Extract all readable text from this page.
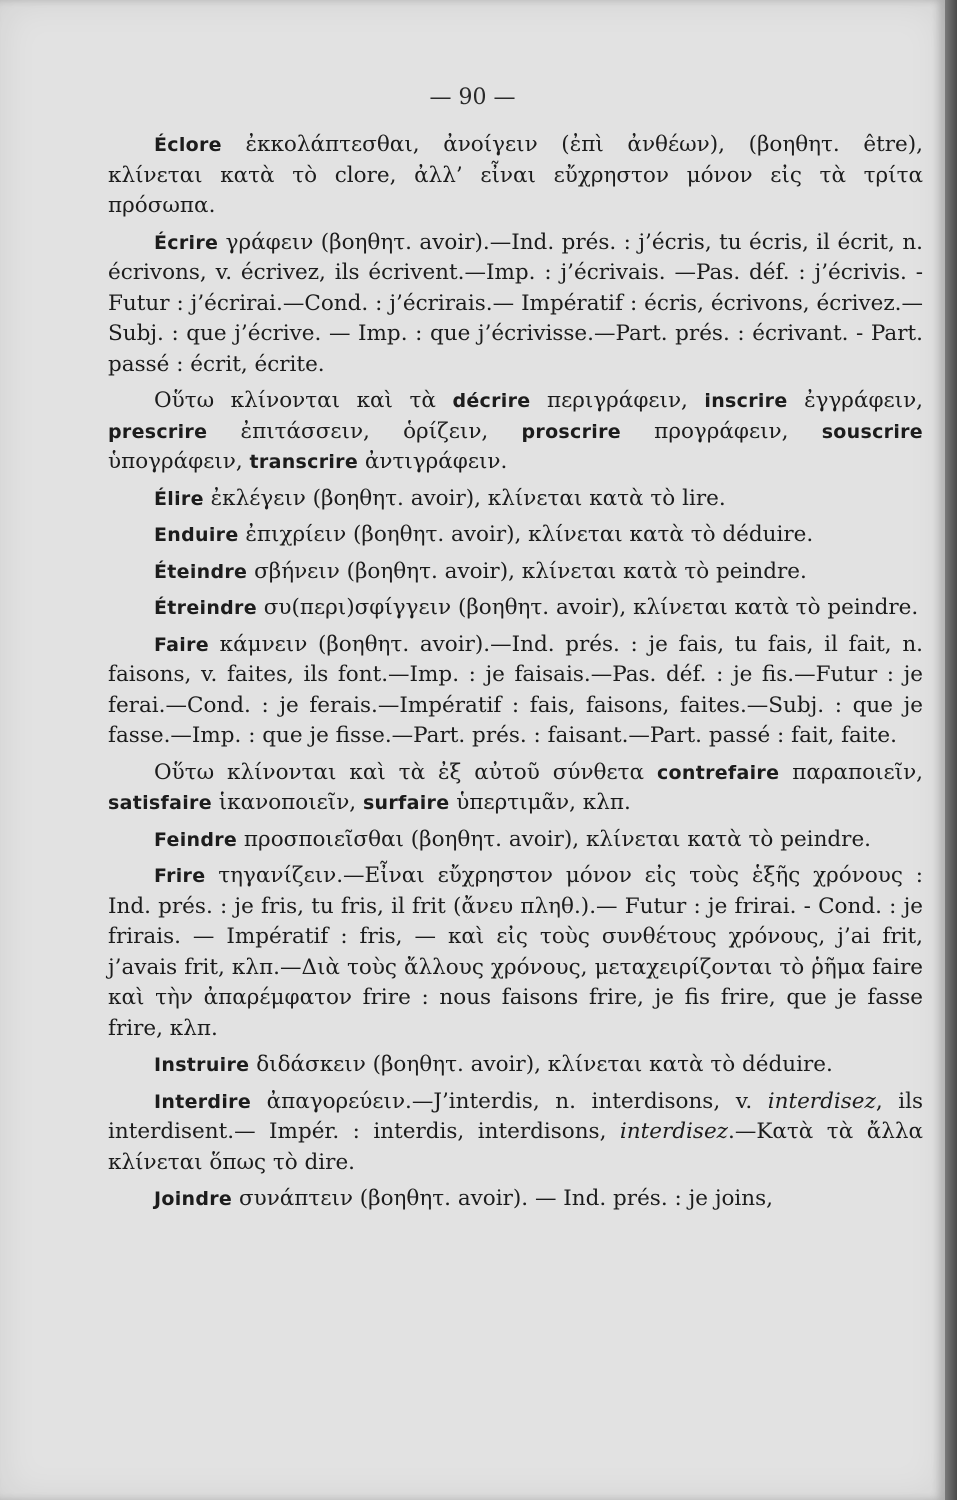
— 90 —

Éclore ἐκκολάπτεσθαι, ἀνοίγειν (ἐπὶ ἀνθέων), (βοηθητ. être), κλίνεται κατὰ τὸ clore, ἀλλ’ εἶναι εὔχρηστον μόνον εἰς τὰ τρίτα πρόσωπα.

Écrire γράφειν (βοηθητ. avoir).—Ind. prés. : j’écris, tu écris, il écrit, n. écrivons, v. écrivez, ils écrivent.—Imp. : j’écrivais. —Pas. déf. : j’écrivis. - Futur : j’écrirai.—Cond. : j’écrirais.— Impératif : écris, écrivons, écrivez.—Subj. : que j’écrive. — Imp. : que j’écrivisse.—Part. prés. : écrivant. - Part. passé : écrit, écrite.

Οὕτω κλίνονται καὶ τὰ décrire περιγράφειν, inscrire ἐγγράφειν, prescrire ἐπιτάσσειν, ὁρίζειν, proscrire προγράφειν, souscrire ὑπογράφειν, transcrire ἀντιγράφειν.

Élire ἐκλέγειν (βοηθητ. avoir), κλίνεται κατὰ τὸ lire.

Enduire ἐπιχρίειν (βοηθητ. avoir), κλίνεται κατὰ τὸ déduire.

Éteindre σβήνειν (βοηθητ. avoir), κλίνεται κατὰ τὸ peindre.

Étreindre συ(περι)σφίγγειν (βοηθητ. avoir), κλίνεται κατὰ τὸ peindre.

Faire κάμνειν (βοηθητ. avoir).—Ind. prés. : je fais, tu fais, il fait, n. faisons, v. faites, ils font.—Imp. : je faisais.—Pas. déf. : je fis.—Futur : je ferai.—Cond. : je ferais.—Impératif : fais, faisons, faites.—Subj. : que je fasse.—Imp. : que je fisse.—Part. prés. : faisant.—Part. passé : fait, faite.

Οὕτω κλίνονται καὶ τὰ ἐξ αὐτοῦ σύνθετα contrefaire παραποιεῖν, satisfaire ἱκανοποιεῖν, surfaire ὑπερτιμᾶν, κλπ.

Feindre προσποιεῖσθαι (βοηθητ. avoir), κλίνεται κατὰ τὸ peindre.

Frire τηγανίζειν.—Εἶναι εὔχρηστον μόνον εἰς τοὺς ἑξῆς χρόνους : Ind. prés. : je fris, tu fris, il frit (ἄνευ πληθ.).— Futur : je frirai. - Cond. : je frirais. — Impératif : fris, — καὶ εἰς τοὺς συνθέτους χρόνους, j’ai frit, j’avais frit, κλπ.—Διὰ τοὺς ἄλλους χρόνους, μεταχειρίζονται τὸ ῥῆμα faire καὶ τὴν ἀπαρέμφατον frire : nous faisons frire, je fis frire, que je fasse frire, κλπ.

Instruire διδάσκειν (βοηθητ. avoir), κλίνεται κατὰ τὸ déduire.

Interdire ἀπαγορεύειν.—J’interdis, n. interdisons, v. interdisez, ils interdisent.— Impér. : interdis, interdisons, interdisez.—Κατὰ τὰ ἄλλα κλίνεται ὅπως τὸ dire.

Joindre συνάπτειν (βοηθητ. avoir). — Ind. prés. : je joins,
